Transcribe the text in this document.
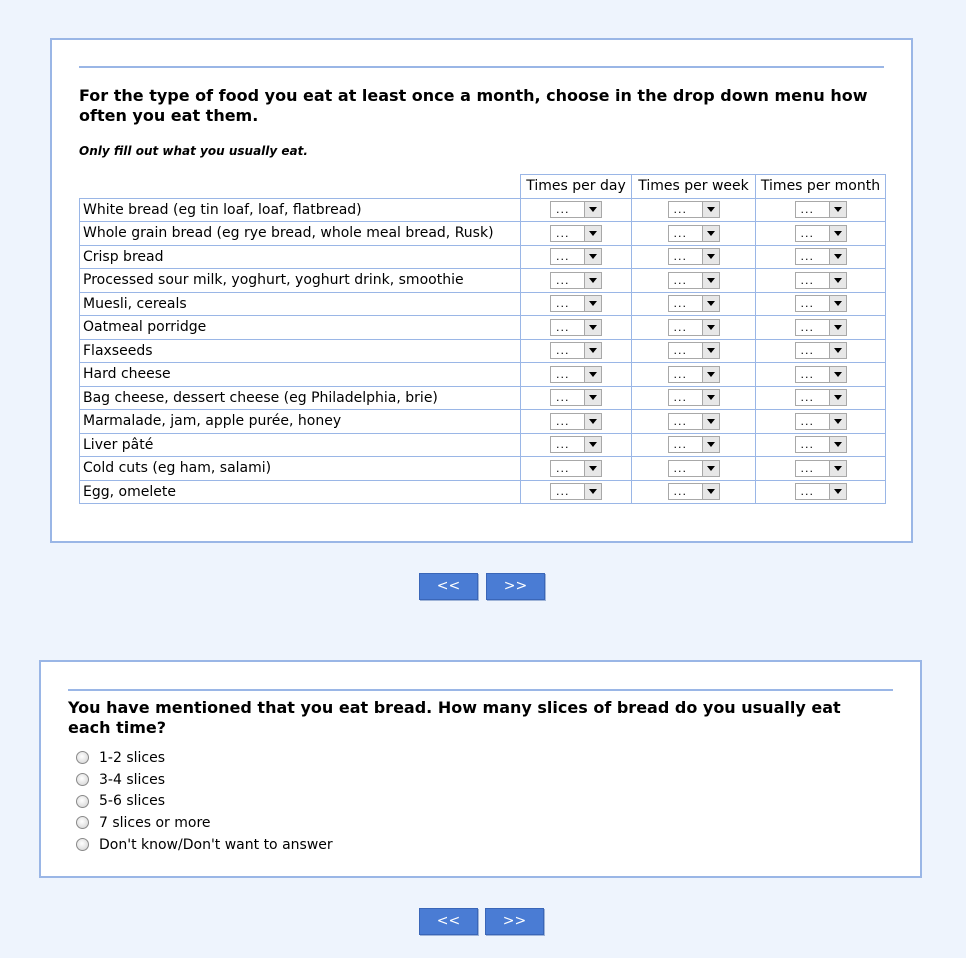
For the type of food you eat at least once a month, choose in the drop down menu how often you eat them.
Only fill out what you usually eat.
	Times per day	Times per week	Times per month
White bread (eg tin loaf, loaf, flatbread)	...	...	...

Whole grain bread (eg rye bread, whole meal bread, Rusk)	...	...	...

Crisp bread	...	...	...

Processed sour milk, yoghurt, yoghurt drink, smoothie	...	...	...

Muesli, cereals	...	...	...

Oatmeal porridge	...	...	...

Flaxseeds	...	...	...

Hard cheese	...	...	...

Bag cheese, dessert cheese (eg Philadelphia, brie)	...	...	...

Marmalade, jam, apple purée, honey	...	...	...

Liver pâté	...	...	...

Cold cuts (eg ham, salami)	...	...	...

Egg, omelete	...	...	...
<<	>>
You have mentioned that you eat bread. How many slices of bread do you usually eat each time?
1-2 slices
3-4 slices
5-6 slices
7 slices or more
Don't know/Don't want to answer
<<	>>
